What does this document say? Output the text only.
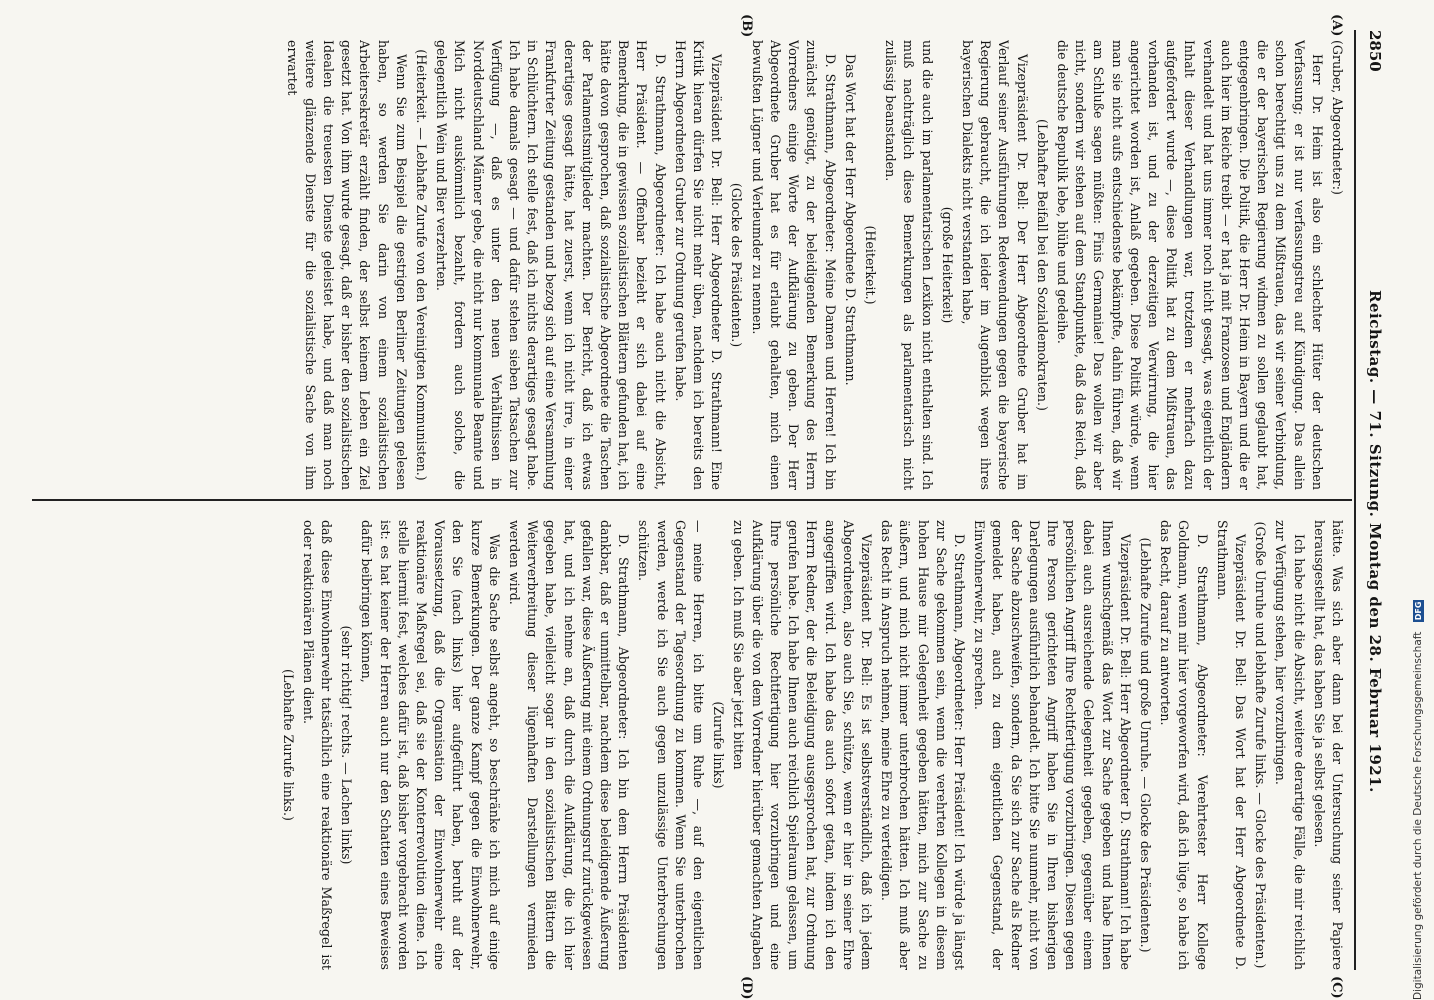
2850
Reichstag. — 71. Sitzung. Montag den 28. Februar 1921.
(A)
(B)
(C)
(D)

(Gruber, Abgeordneter:)

Herr Dr. Heim ist also ein schlechter Hüter der deutschen Verfassung; er ist nur verfassungstreu auf Kündigung. Das allein schon berechtigt uns zu dem Mißtrauen, das wir seiner Verbindung, die er der bayerischen Regierung widmen zu sollen geglaubt hat, entgegenbringen. Die Politik, die Herr Dr. Heim in Bayern und die er auch hier im Reiche treibt — er hat ja mit Franzosen und Engländern verhandelt und hat uns immer noch nicht gesagt, was eigentlich der Inhalt dieser Verhandlungen war, trotzdem er mehrfach dazu aufgefordert wurde —, diese Politik hat zu dem Mißtrauen, das vorhanden ist, und zu der derzeitigen Verwirrung, die hier angerichtet worden ist, Anlaß gegeben. Diese Politik würde, wenn man sie nicht aufs entschiedenste bekämpfte, dahin führen, daß wir am Schluße sagen müßten: Finis Germaniae! Das wollen wir aber nicht, sondern wir stehen auf dem Standpunkte, daß das Reich, daß die deutsche Republik lebe, blühe und gedeihe.

(Lebhafter Beifall bei den Sozialdemokraten.)

Vizepräsident Dr. Bell: Der Herr Abgeordnete Gruber hat im Verlauf seiner Ausführungen Redewendungen gegen die bayerische Regierung gebraucht, die ich leider im Augenblick wegen ihres bayerischen Dialekts nicht verstanden habe,

(große Heiterkeit)

und die auch im parlamentarischen Lexikon nicht enthalten sind. Ich muß nachträglich diese Bemerkungen als parlamentarisch nicht zulässig beanstanden.

(Heiterkeit.)

Das Wort hat der Herr Abgeordnete D. Strathmann.

D. Strathmann, Abgeordneter: Meine Damen und Herren! Ich bin zunächst genötigt, zu der beleidigenden Bemerkung des Herrn Vorredners einige Worte der Aufklärung zu geben. Der Herr Abgeordnete Gruber hat es für erlaubt gehalten, mich einen bewußten Lügner und Verleumder zu nennen.

(Glocke des Präsidenten.)

Vizepräsident Dr. Bell: Herr Abgeordneter D. Strathmann! Eine Kritik hieran dürfen Sie nicht mehr üben, nachdem ich bereits den Herrn Abgeordneten Gruber zur Ordnung gerufen habe.

D. Strathmann, Abgeordneter: Ich habe auch nicht die Absicht, Herr Präsident. — Offenbar bezieht er sich dabei auf eine Bemerkung, die in gewissen sozialistischen Blättern gefunden hat, ich hätte davon gesprochen, daß sozialistische Abgeordnete die Taschen der Parlamentsmitglieder machten. Der Bericht, daß ich etwas derartiges gesagt hätte, hat zuerst, wenn ich nicht irre, in einer Frankfurter Zeitung gestanden und bezog sich auf eine Versammlung in Schlüchtern. Ich stelle fest, daß ich nichts derartiges gesagt habe. Ich habe damals gesagt — und dafür stehen sieben Tatsachen zur Verfügung —, daß es unter den neuen Verhältnissen in Norddeutschland Männer gebe, die nicht nur kommunale Beamte und Mich nicht auskömmlich bezahlt, fordern auch solche, die gelegentlich Wein und Bier verzehrten.

(Heiterkeit. — Lebhafte Zurufe von den Vereinigten Kommunisten.)

Wenn Sie zum Beispiel die gestrigen Berliner Zeitungen gelesen haben, so werden Sie darin von einem sozialistischen Arbeitersekretär erzählt finden, der selbst keinem Leben ein Ziel gesetzt hat. Von ihm wurde gesagt, daß er bisher den sozialistischen Idealen die treuesten Dienste geleistet habe, und daß man noch weitere glänzende Dienste für die sozialistische Sache von ihm erwartet

hätte. Was sich aber dann bei der Untersuchung seiner Papiere herausgestellt hat, das haben Sie ja selbst gelesen.

Ich habe nicht die Absicht, weitere derartige Fälle, die mir reichlich zur Verfügung stehen, hier vorzubringen.

(Große Unruhe und lebhafte Zurufe links. — Glocke des Präsidenten.)

Vizepräsident Dr. Bell: Das Wort hat der Herr Abgeordnete D. Strathmann.

D. Strathmann, Abgeordneter: Verehrtester Herr Kollege Goldmann, wenn mir hier vorgeworfen wird, daß ich lüge, so habe ich das Recht, darauf zu antworten.

(Lebhafte Zurufe und große Unruhe. — Glocke des Präsidenten.)

Vizepräsident Dr. Bell: Herr Abgeordneter D. Strathmann! Ich habe Ihnen wunschgemäß das Wort zur Sache gegeben und habe Ihnen dabei auch ausreichende Gelegenheit gegeben, gegenüber einem persönlichen Angriff Ihre Rechtfertigung vorzubringen. Diesen gegen Ihre Person gerichteten Angriff haben Sie in Ihren bisherigen Darlegungen ausführlich behandelt. Ich bitte Sie nunmehr, nicht von der Sache abzuschweifen, sondern, da Sie sich zur Sache als Redner gemeldet haben, auch zu dem eigentlichen Gegenstand, der Einwohnerwehr, zu sprechen.

D. Strathmann, Abgeordneter: Herr Präsident! Ich würde ja längst zur Sache gekommen sein, wenn die verehrten Kollegen in diesem hohen Hause mir Gelegenheit gegeben hätten, mich zur Sache zu äußern, und mich nicht immer unterbrochen hätten. Ich muß aber das Recht in Anspruch nehmen, meine Ehre zu verteidigen.

Vizepräsident Dr. Bell: Es ist selbstverständlich, daß ich jedem Abgeordneten, also auch Sie, schütze, wenn er hier in seiner Ehre angegriffen wird. Ich habe das auch sofort getan, indem ich den Herrn Redner, der die Beleidigung ausgesprochen hat, zur Ordnung gerufen habe. Ich habe Ihnen auch reichlich Spielraum gelassen, um Ihre persönliche Rechtfertigung hier vorzubringen und eine Aufklärung über die von dem Vorredner hierüber gemachten Angaben zu geben. Ich muß Sie aber jetzt bitten

(Zurufe links)

— meine Herren, ich bitte um Ruhe —, auf den eigentlichen Gegenstand der Tagesordnung zu kommen. Wenn Sie unterbrochen werden, werde ich Sie auch gegen unzulässige Unterbrechungen schützen.

D. Strathmann, Abgeordneter: Ich bin dem Herrn Präsidenten dankbar, daß er unmittelbar, nachdem diese beleidigende Äußerung gefallen war, diese Äußerung mit einem Ordnungsruf zurückgewiesen hat, und ich nehme an, daß durch die Aufklärung, die ich hier gegeben habe, vielleicht sogar in den sozialistischen Blättern die Weiterverbreitung dieser lügenhaften Darstellungen vermieden werden wird.

Was die Sache selbst angeht, so beschränke ich mich auf einige kurze Bemerkungen. Der ganze Kampf gegen die Einwohnerwehr, den Sie (nach links) hier aufgeführt haben, beruht auf der Voraussetzung, daß die Organisation der Einwohnerwehr eine reaktionäre Maßregel sei, daß sie der Konterrevolution diene. Ich stelle hiermit fest, welches dafür ist, daß bisher vorgebracht worden ist: es hat keiner der Herren auch nur den Schatten eines Beweises dafür beibringen können,

(sehr richtig! rechts. — Lachen links)

daß diese Einwohnerwehr tatsächlich eine reaktionäre Maßregel ist oder reaktionären Plänen dient.

(Lebhafte Zurufe links.)	Digitalisierung gefördert durch die Deutsche Forschungsgemeinschaft DFG
